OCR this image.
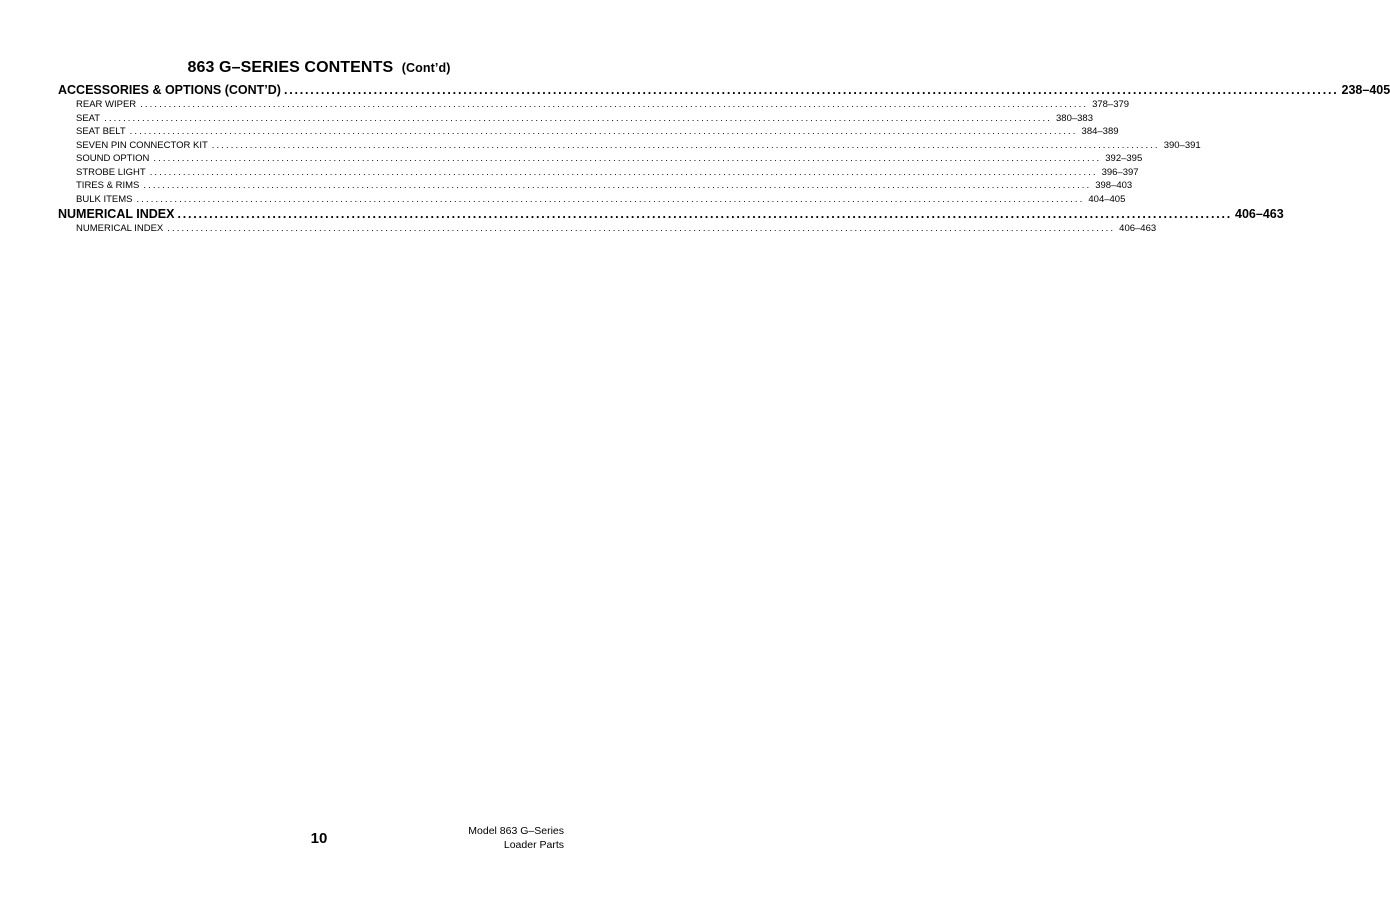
863 G–SERIES CONTENTS (Cont’d)
ACCESSORIES & OPTIONS (CONT’D) ........................................................................................................................................................................................................ 238–405
REAR WIPER ........................................................................................................................................................................................................ 378–379
SEAT ........................................................................................................................................................................................................ 380–383
SEAT BELT ........................................................................................................................................................................................................ 384–389
SEVEN PIN CONNECTOR KIT ........................................................................................................................................................................................................ 390–391
SOUND OPTION ........................................................................................................................................................................................................ 392–395
STROBE LIGHT ........................................................................................................................................................................................................ 396–397
TIRES & RIMS ........................................................................................................................................................................................................ 398–403
BULK ITEMS ........................................................................................................................................................................................................ 404–405
NUMERICAL INDEX ........................................................................................................................................................................................................ 406–463
NUMERICAL INDEX ........................................................................................................................................................................................................ 406–463
10	Model 863 G–Series
Loader Parts
